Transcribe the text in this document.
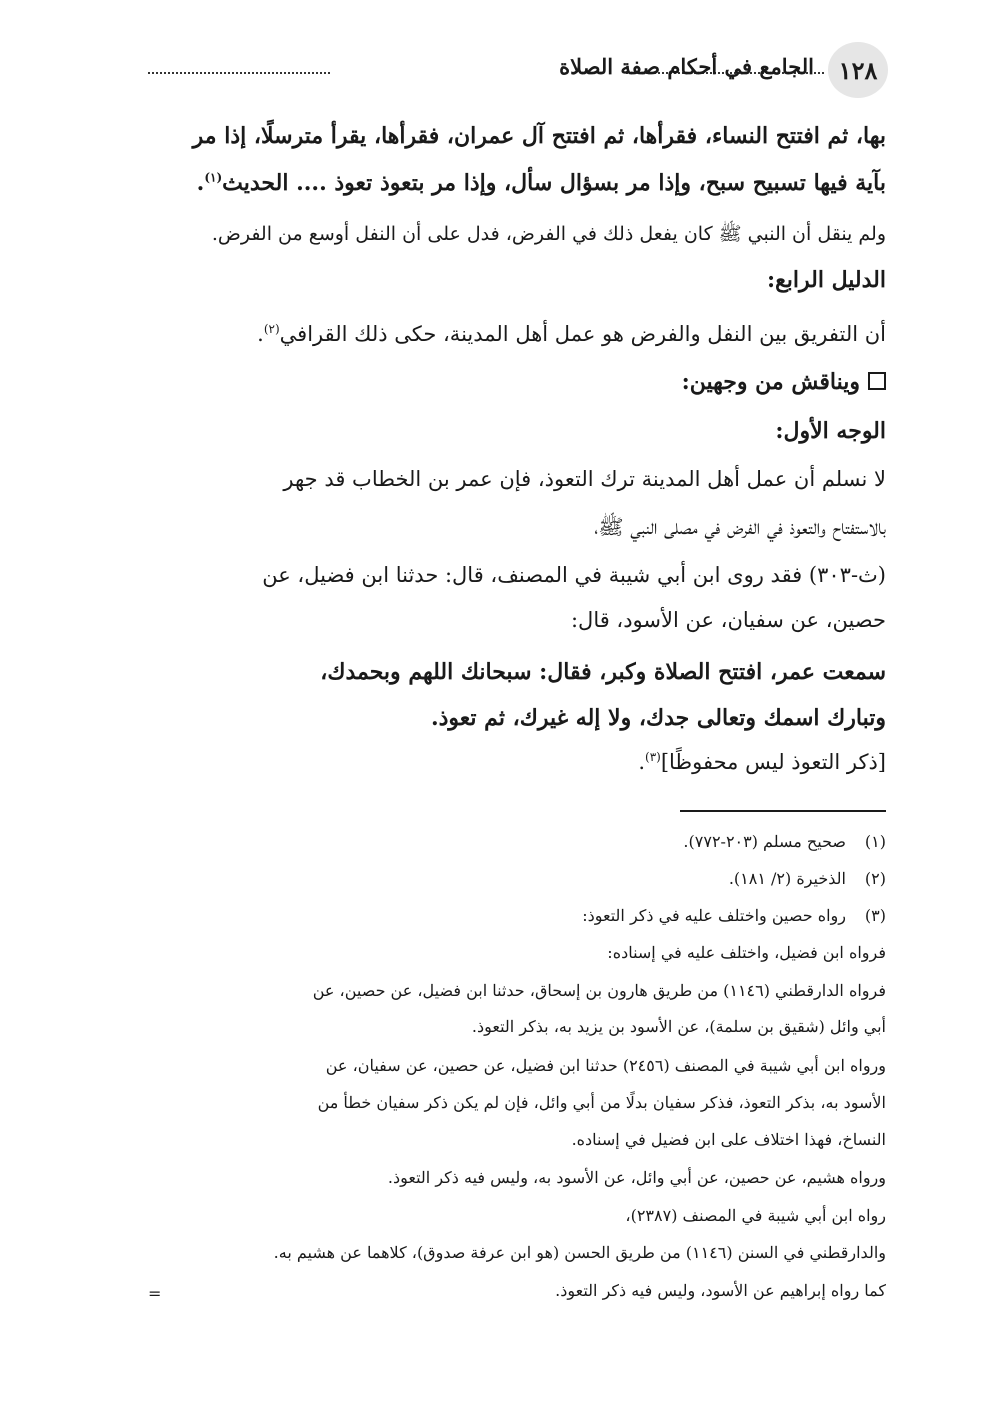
١٢٨
الجامع في أحكام صفة الصلاة
بها، ثم افتتح النساء، فقرأها، ثم افتتح آل عمران، فقرأها، يقرأ مترسلًا، إذا مر
بآية فيها تسبيح سبح، وإذا مر بسؤال سأل، وإذا مر بتعوذ تعوذ .... الحديث$^{(١)}$.
ولم ينقل أن النبي ﷺ كان يفعل ذلك في الفرض، فدل على أن النفل أوسع من الفرض.
الدليل الرابع:
أن التفريق بين النفل والفرض هو عمل أهل المدينة، حكى ذلك القرافي$^{(٢)}$.
ويناقش من وجهين:
الوجه الأول:
لا نسلم أن عمل أهل المدينة ترك التعوذ، فإن عمر بن الخطاب قد جهر
بالاستفتاح والتعوذ في الفرض في مصلى النبي ﷺ،
(ث-٣٠٣) فقد روى ابن أبي شيبة في المصنف، قال: حدثنا ابن فضيل، عن
حصين، عن سفيان، عن الأسود، قال:
سمعت عمر، افتتح الصلاة وكبر، فقال: سبحانك اللهم وبحمدك،
وتبارك اسمك وتعالى جدك، ولا إله غيرك، ثم تعوذ.
[ذكر التعوذ ليس محفوظًا]$^{(٣)}$.
(١)صحيح مسلم (٢٠٣-٧٧٢).
(٢)الذخيرة (٢/ ١٨١).
(٣)رواه حصين واختلف عليه في ذكر التعوذ:
فرواه ابن فضيل، واختلف عليه في إسناده:
فرواه الدارقطني (١١٤٦) من طريق هارون بن إسحاق، حدثنا ابن فضيل، عن حصين، عن
أبي وائل (شقيق بن سلمة)، عن الأسود بن يزيد به، بذكر التعوذ.
ورواه ابن أبي شيبة في المصنف (٢٤٥٦) حدثنا ابن فضيل، عن حصين، عن سفيان، عن
الأسود به، بذكر التعوذ، فذكر سفيان بدلًا من أبي وائل، فإن لم يكن ذكر سفيان خطأ من
النساخ، فهذا اختلاف على ابن فضيل في إسناده.
ورواه هشيم، عن حصين، عن أبي وائل، عن الأسود به، وليس فيه ذكر التعوذ.
رواه ابن أبي شيبة في المصنف (٢٣٨٧)،
والدارقطني في السنن (١١٤٦) من طريق الحسن (هو ابن عرفة صدوق)، كلاهما عن هشيم به.
كما رواه إبراهيم عن الأسود، وليس فيه ذكر التعوذ.
=
